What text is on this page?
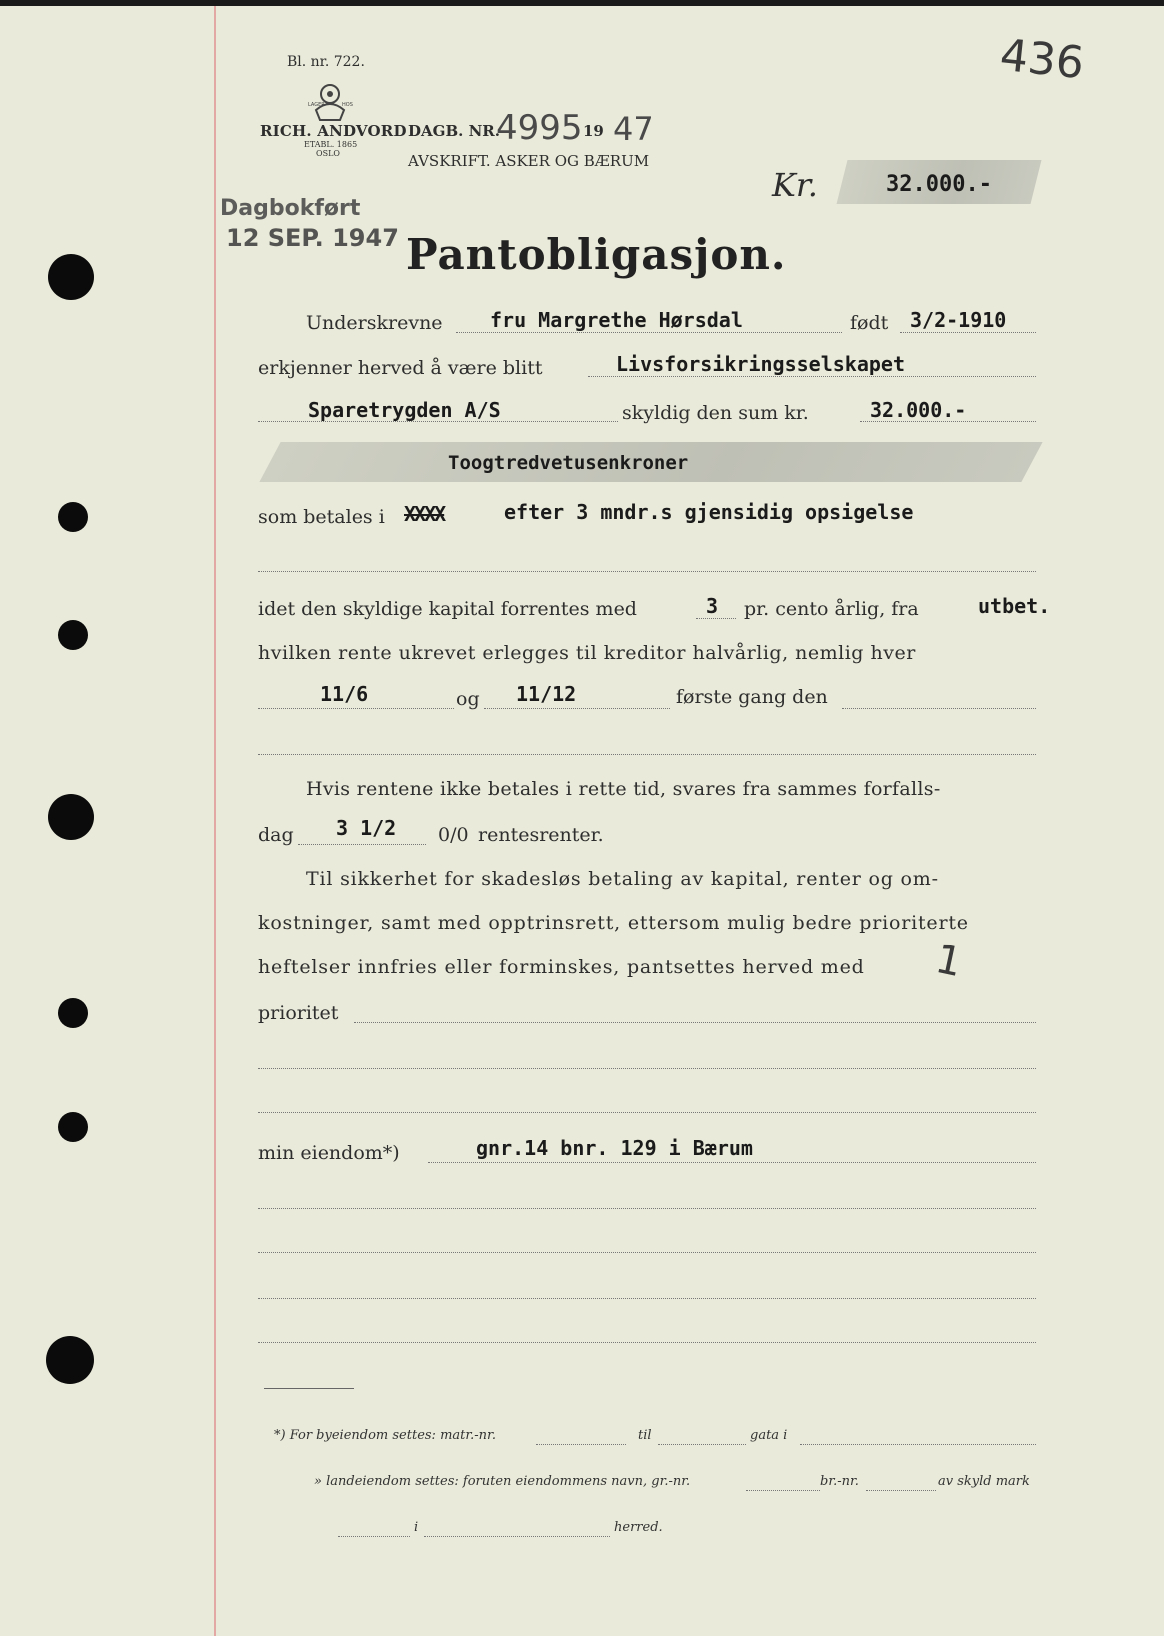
Bl. nr. 722.	436
LAGER	HOS
RICH. ANDVORD
ETABL. 1865
OSLO
DAGB. NR.
4995 19 47
AVSKRIFT. ASKER OG BÆRUM
Dagbokført
12 SEP. 1947
Kr.	32.000.-
Pantobligasjon.
Underskrevne fru Margrethe Hørsdal	født 3/2-1910
erkjenner herved å være blitt	Livsforsikringsselskapet
Sparetrygden A/S	skyldig den sum kr.	32.000.-
Toogtredvetusenkroner
som betales i XXXX	efter 3 mndr.s gjensidig opsigelse
idet den skyldige kapital forrentes med	3 pr. cento årlig, fra	utbet.
hvilken rente ukrevet erlegges til kreditor halvårlig, nemlig hver
11/6	og 11/12	første gang den
Hvis rentene ikke betales i rette tid, svares fra sammes forfalls-
dag 3 1/2 0/0 rentesrenter.
Til sikkerhet for skadesløs betaling av kapital, renter og om-
kostninger, samt med opptrinsrett, ettersom mulig bedre prioriterte
heftelser innfries eller forminskes, pantsettes herved med 1
prioritet
min eiendom*)	gnr.14 bnr. 129 i Bærum
*) For byeiendom settes: matr.-nr.	til	gata i
» landeiendom settes: foruten eiendommens navn, gr.-nr.	br.-nr.	av skyld mark
i	herred.
